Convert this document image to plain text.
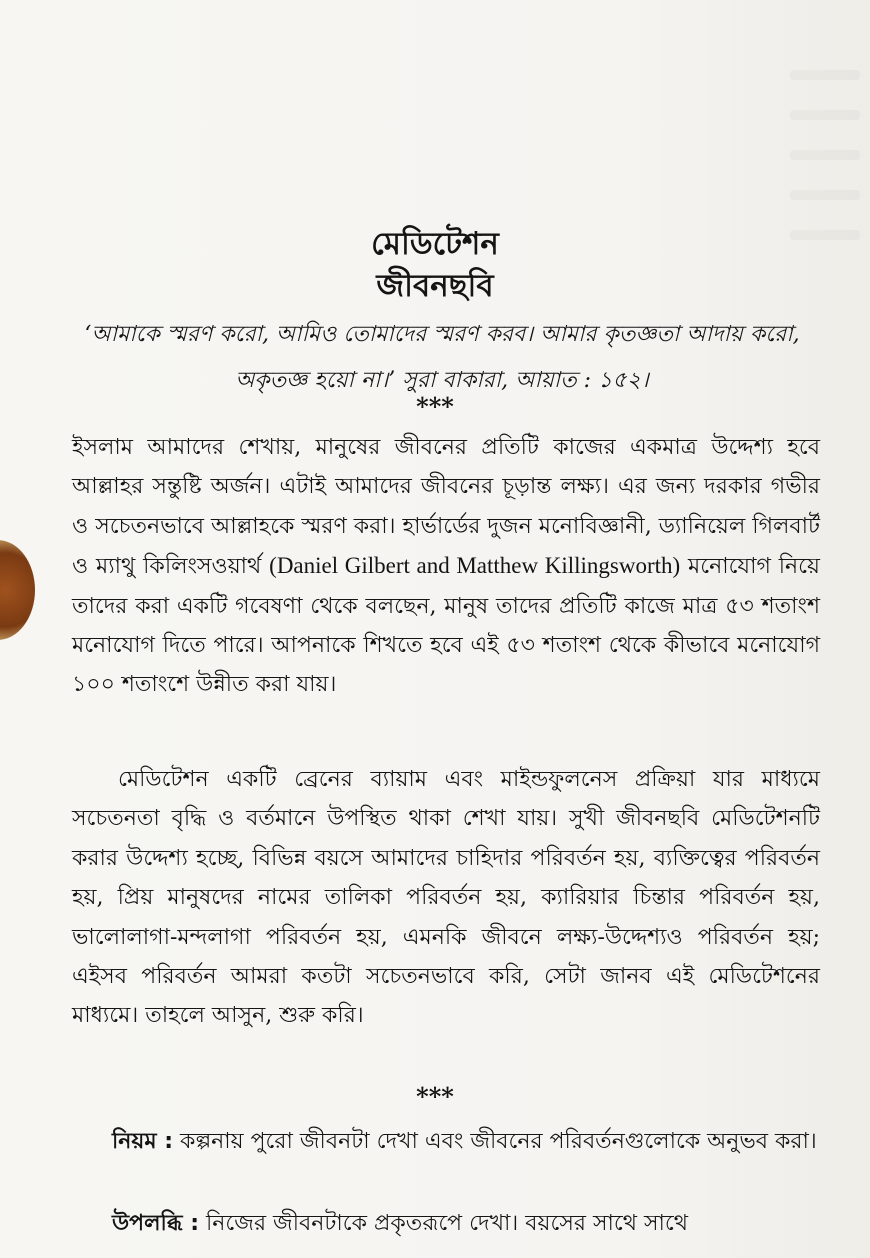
মেডিটেশন
জীবনছবি
‘আমাকে স্মরণ করো, আমিও তোমাদের স্মরণ করব। আমার কৃতজ্ঞতা আদায় করো, অকৃতজ্ঞ হয়ো না।’ সুরা বাকারা, আয়াত : ১৫২।
***
ইসলাম আমাদের শেখায়, মানুষের জীবনের প্রতিটি কাজের একমাত্র উদ্দেশ্য হবে আল্লাহর সন্তুষ্টি অর্জন। এটাই আমাদের জীবনের চূড়ান্ত লক্ষ্য। এর জন্য দরকার গভীর ও সচেতনভাবে আল্লাহকে স্মরণ করা। হার্ভার্ডের দুজন মনোবিজ্ঞানী, ড্যানিয়েল গিলবার্ট ও ম্যাথু কিলিংসওয়ার্থ (Daniel Gilbert and Matthew Killingsworth) মনোযোগ নিয়ে তাদের করা একটি গবেষণা থেকে বলছেন, মানুষ তাদের প্রতিটি কাজে মাত্র ৫৩ শতাংশ মনোযোগ দিতে পারে। আপনাকে শিখতে হবে এই ৫৩ শতাংশ থেকে কীভাবে মনোযোগ ১০০ শতাংশে উন্নীত করা যায়।
মেডিটেশন একটি ব্রেনের ব্যায়াম এবং মাইন্ডফুলনেস প্রক্রিয়া যার মাধ্যমে সচেতনতা বৃদ্ধি ও বর্তমানে উপস্থিত থাকা শেখা যায়। সুখী জীবনছবি মেডিটেশনটি করার উদ্দেশ্য হচ্ছে, বিভিন্ন বয়সে আমাদের চাহিদার পরিবর্তন হয়, ব্যক্তিত্বের পরিবর্তন হয়, প্রিয় মানুষদের নামের তালিকা পরিবর্তন হয়, ক্যারিয়ার চিন্তার পরিবর্তন হয়, ভালোলাগা-মন্দলাগা পরিবর্তন হয়, এমনকি জীবনে লক্ষ্য-উদ্দেশ্যও পরিবর্তন হয়; এইসব পরিবর্তন আমরা কতটা সচেতনভাবে করি, সেটা জানব এই মেডিটেশনের মাধ্যমে। তাহলে আসুন, শুরু করি।
***
নিয়ম : কল্পনায় পুরো জীবনটা দেখা এবং জীবনের পরিবর্তনগুলোকে অনুভব করা।
উপলব্ধি : নিজের জীবনটাকে প্রকৃতরূপে দেখা। বয়সের সাথে সাথে
